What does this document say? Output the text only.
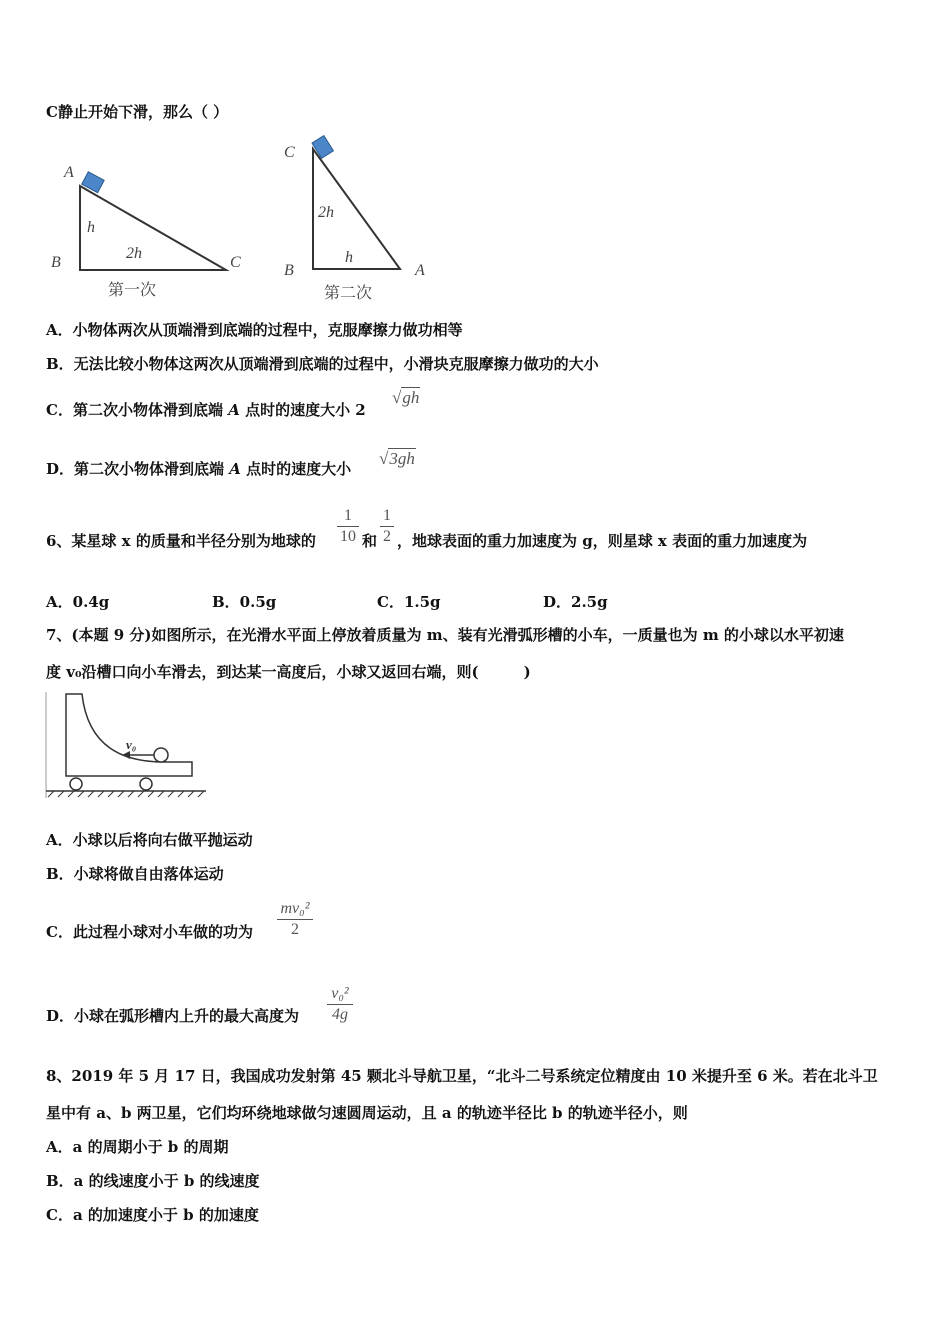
C静止开始下滑，那么（ ）
A
B	C
h
2h
第一次
C
B	A
2h
h
第二次
A．小物体两次从顶端滑到底端的过程中，克服摩擦力做功相等
B．无法比较小物体这两次从顶端滑到底端的过程中，小滑块克服摩擦力做功的大小
C．第二次小物体滑到底端 A 点时的速度大小 2
√gh
D．第二次小物体滑到底端 A 点时的速度大小
√3gh
6、某星球 x 的质量和半径分别为地球的
1
10 和
1
2 ，地球表面的重力加速度为 g，则星球 x 表面的重力加速度为
A．0.4g	B．0.5g	C．1.5g	D．2.5g
7、(本题 9 分)如图所示，在光滑水平面上停放着质量为 m、装有光滑弧形槽的小车，一质量也为 m 的小球以水平初速
度 v₀沿槽口向小车滑去，到达某一高度后，小球又返回右端，则(　　　)
v₀
A．小球以后将向右做平抛运动
B．小球将做自由落体运动
C．此过程小球对小车做的功为
mv₀²
2
D．小球在弧形槽内上升的最大高度为
v₀²
4g
8、2019 年 5 月 17 日，我国成功发射第 45 颗北斗导航卫星，“北斗二号系统定位精度由 10 米提升至 6 米。若在北斗卫
星中有 a、b 两卫星，它们均环绕地球做匀速圆周运动，且 a 的轨迹半径比 b 的轨迹半径小，则
A．a 的周期小于 b 的周期
B．a 的线速度小于 b 的线速度
C．a 的加速度小于 b 的加速度
